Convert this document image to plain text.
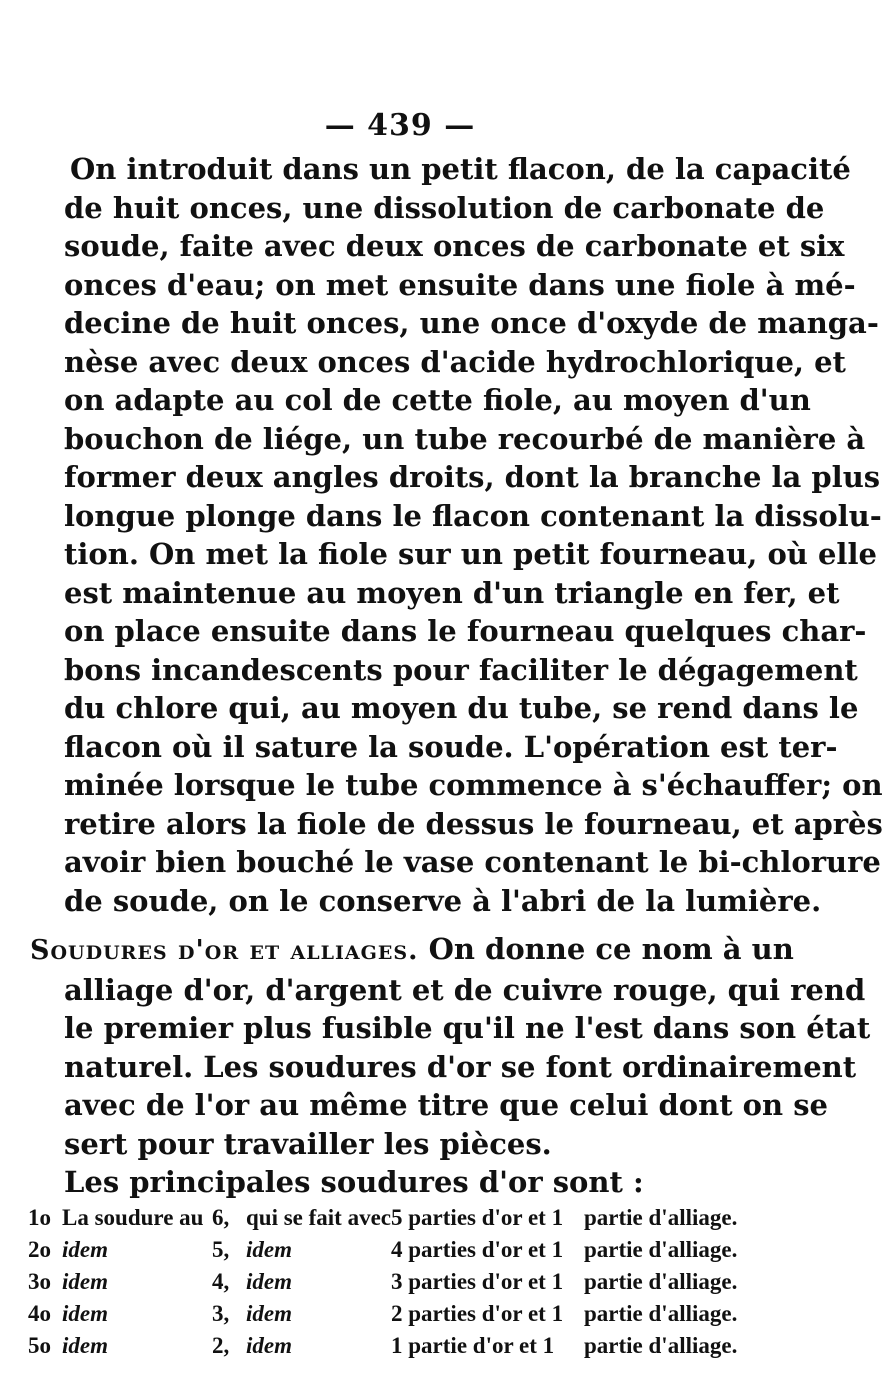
— 439 —
On introduit dans un petit flacon, de la capacité
de huit onces, une dissolution de carbonate de
soude, faite avec deux onces de carbonate et six
onces d'eau; on met ensuite dans une fiole à mé-
decine de huit onces, une once d'oxyde de manga-
nèse avec deux onces d'acide hydrochlorique, et
on adapte au col de cette fiole, au moyen d'un
bouchon de liége, un tube recourbé de manière à
former deux angles droits, dont la branche la plus
longue plonge dans le flacon contenant la dissolu-
tion. On met la fiole sur un petit fourneau, où elle
est maintenue au moyen d'un triangle en fer, et
on place ensuite dans le fourneau quelques char-
bons incandescents pour faciliter le dégagement
du chlore qui, au moyen du tube, se rend dans le
flacon où il sature la soude. L'opération est ter-
minée lorsque le tube commence à s'échauffer; on
retire alors la fiole de dessus le fourneau, et après
avoir bien bouché le vase contenant le bi-chlorure
de soude, on le conserve à l'abri de la lumière.
Soudures d'or et alliages. On donne ce nom à un
alliage d'or, d'argent et de cuivre rouge, qui rend
le premier plus fusible qu'il ne l'est dans son état
naturel. Les soudures d'or se font ordinairement
avec de l'or au même titre que celui dont on se
sert pour travailler les pièces.
Les principales soudures d'or sont :
1o	La soudure au	6,	qui se fait avec	5 parties d'or et 1	partie d'alliage.
2o	idem	5,	idem	4 parties d'or et 1	partie d'alliage.
3o	idem	4,	idem	3 parties d'or et 1	partie d'alliage.
4o	idem	3,	idem	2 parties d'or et 1	partie d'alliage.
5o	idem	2,	idem	1 partie d'or et 1	partie d'alliage.
